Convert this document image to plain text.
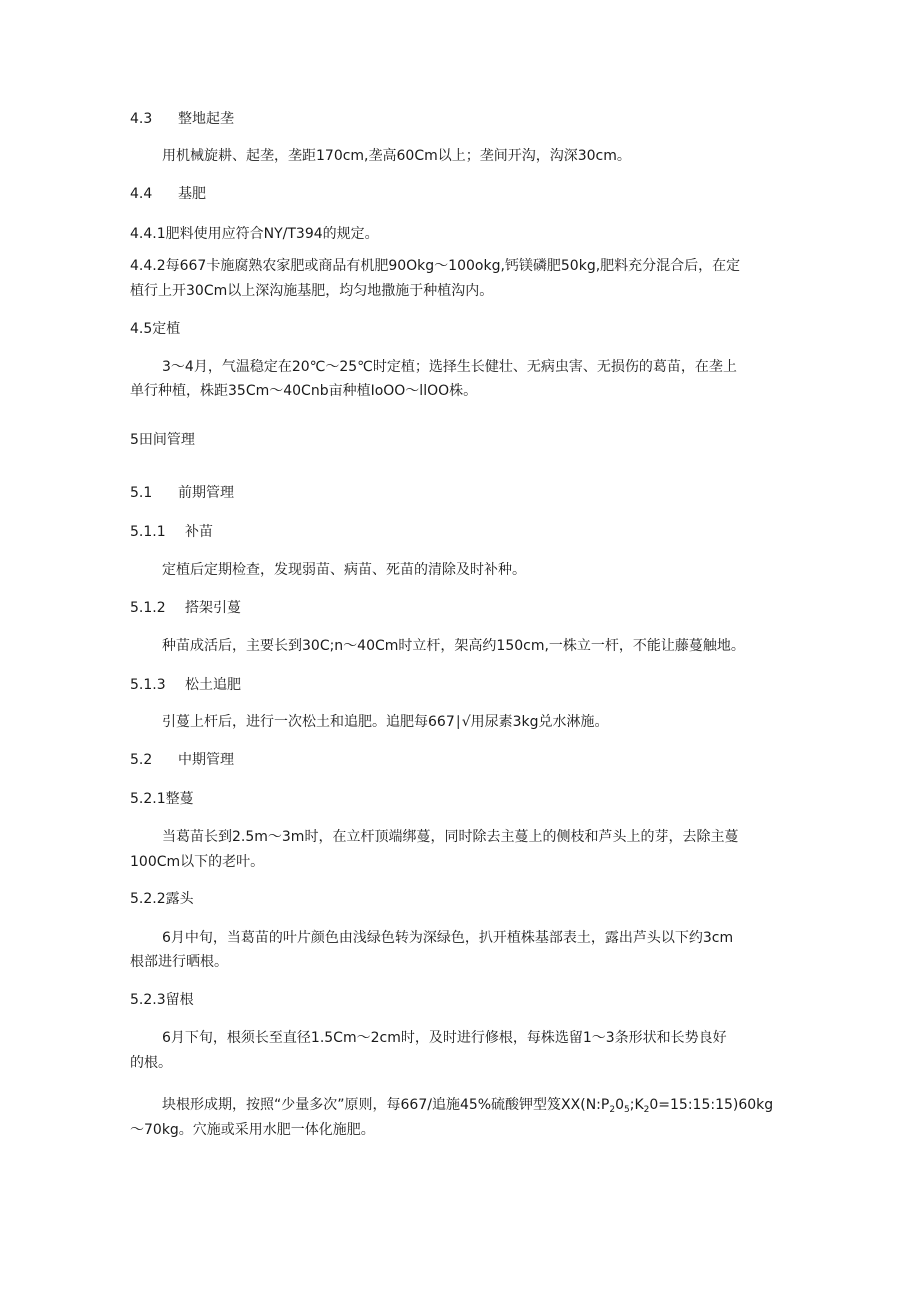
4.3 整地起垄
用机械旋耕、起垄，垄距170cm,垄高60Cm以上；垄间开沟，沟深30cm。
4.4 基肥
4.4.1肥料使用应符合NY/T394的规定。
4.4.2每667卡施腐熟农家肥或商品有机肥90Okg～100okg,钙镁磷肥50kg,肥料充分混合后，在定
植行上开30Cm以上深沟施基肥，均匀地撒施于种植沟内。
4.5定植
3～4月，气温稳定在20℃～25℃时定植；选择生长健壮、无病虫害、无损伤的葛苗，在垄上
单行种植，株距35Cm～40Cnb亩种植IoOO～llOO株。
5田间管理
5.1 前期管理
5.1.1 补苗
定植后定期检查，发现弱苗、病苗、死苗的清除及时补种。
5.1.2 搭架引蔓
种苗成活后，主要长到30C;n～40Cm时立杆，架高约150cm,一株立一杆，不能让藤蔓触地。
5.1.3 松土追肥
引蔓上杆后，进行一次松土和追肥。追肥每667∣√用尿素3kg兑水淋施。
5.2 中期管理
5.2.1整蔓
当葛苗长到2.5m～3m时，在立杆顶端绑蔓，同时除去主蔓上的侧枝和芦头上的芽，去除主蔓
100Cm以下的老叶。
5.2.2露头
6月中旬，当葛苗的叶片颜色由浅绿色转为深绿色，扒开植株基部表土，露出芦头以下约3cm
根部进行晒根。
5.2.3留根
6月下旬，根须长至直径1.5Cm～2cm时，及时进行修根，每株选留1～3条形状和长势良好
的根。
块根形成期，按照“少量多次”原则，每667/追施45%硫酸钾型笈$XX(N:P_20_5;K_20=15:15:15)60kg$
～70kg。穴施或采用水肥一体化施肥。
